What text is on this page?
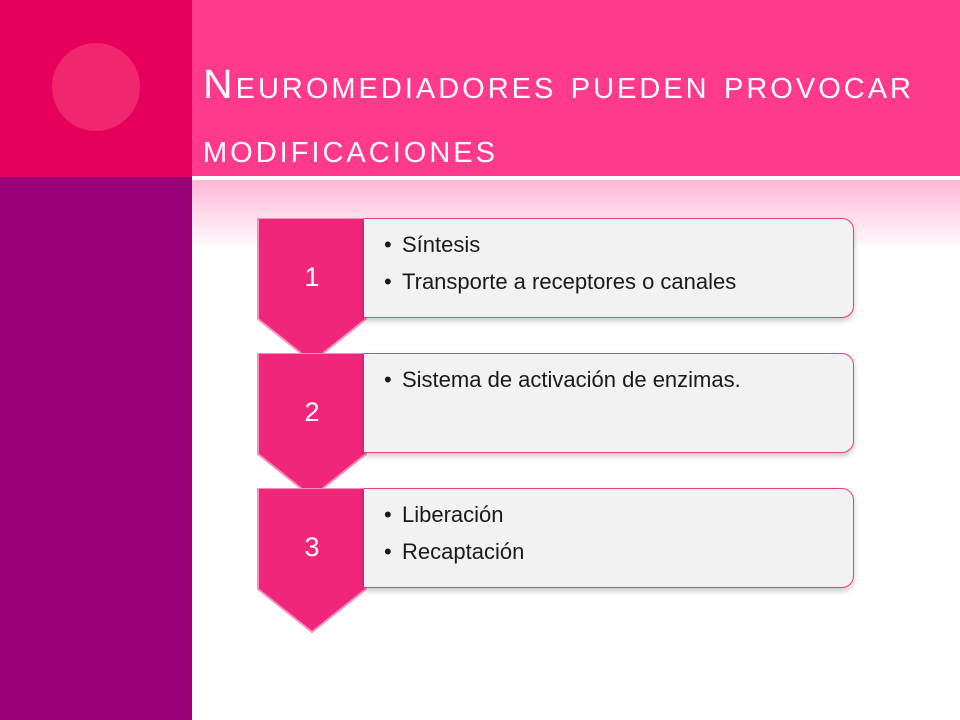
Neuromediadores pueden provocar modificaciones
1
• Síntesis
• Transporte a receptores o canales
2
• Sistema de activación de enzimas.
3
• Liberación
• Recaptación
